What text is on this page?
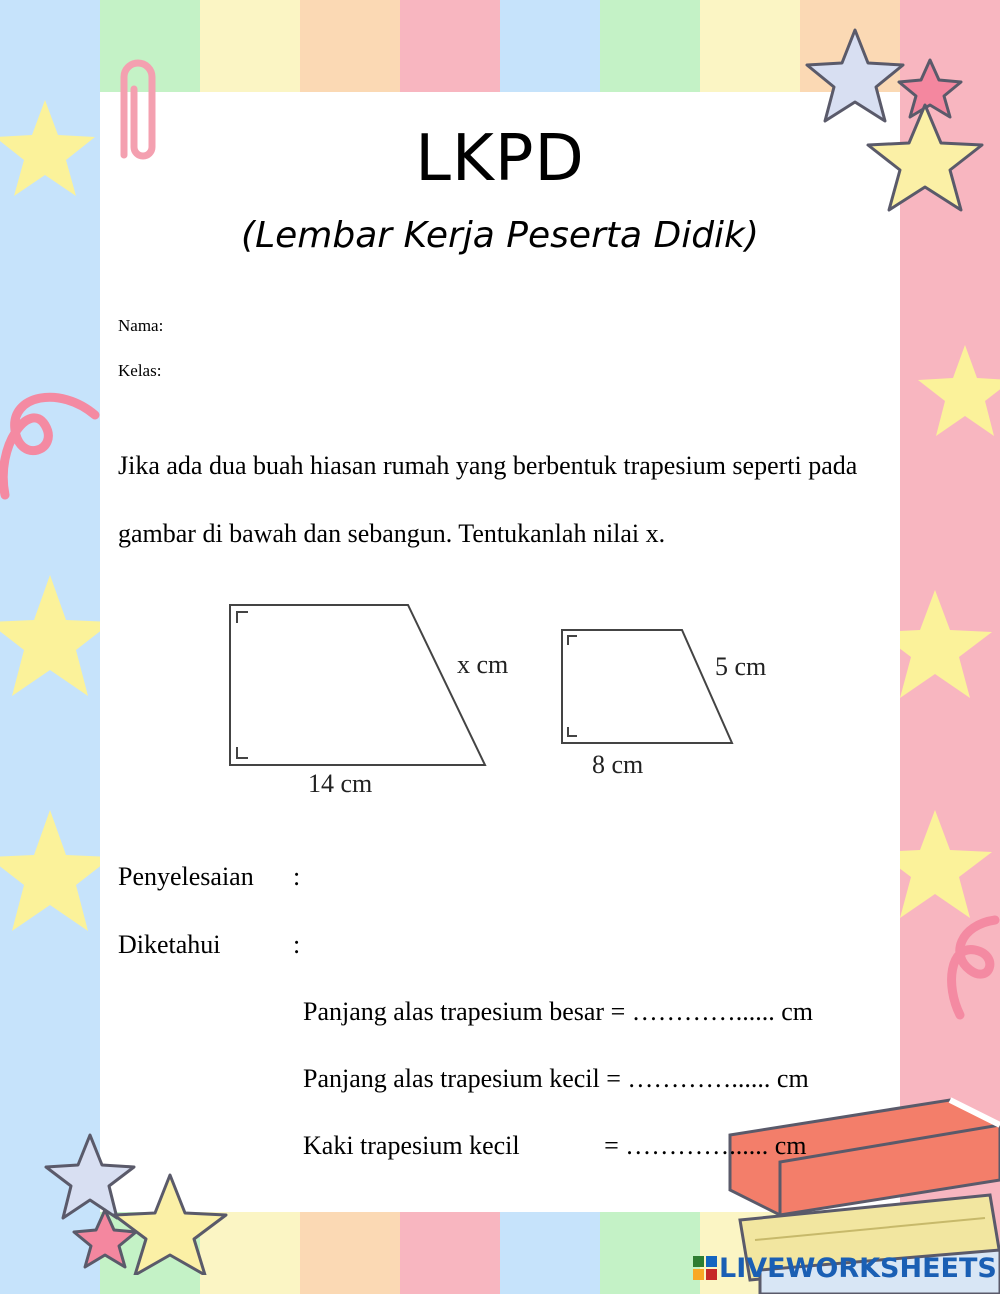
LKPD
(Lembar Kerja Peserta Didik)
Nama:
Kelas:
Jika ada dua buah hiasan rumah yang berbentuk trapesium seperti pada gambar di bawah dan sebangun. Tentukanlah nilai x.
x cm
14 cm
5 cm
8 cm
Penyelesaian :
Diketahui	:
Panjang alas trapesium besar = …………...... cm
Panjang alas trapesium kecil = …………...... cm
Kaki trapesium kecil             = …………...... cm
LIVEWORKSHEETS
